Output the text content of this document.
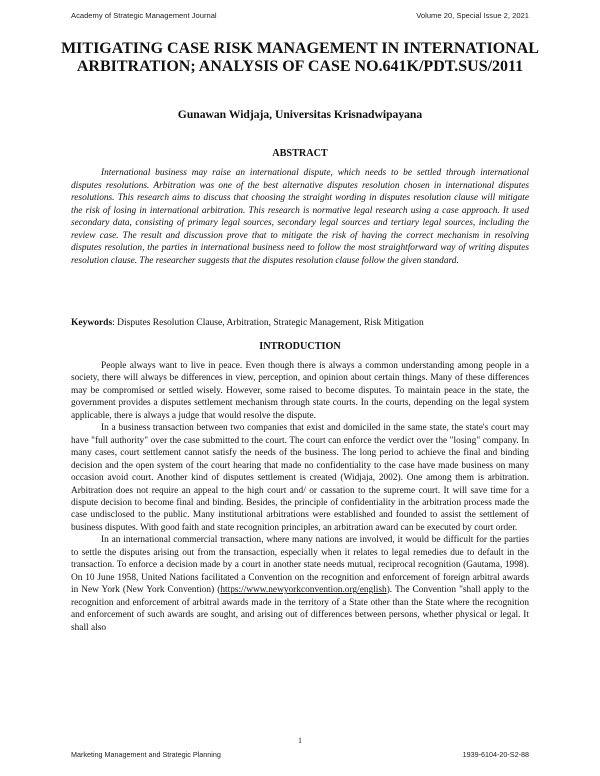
Academy of Strategic Management Journal	Volume 20, Special Issue 2, 2021
MITIGATING CASE RISK MANAGEMENT IN INTERNATIONAL ARBITRATION; ANALYSIS OF CASE NO.641K/PDT.SUS/2011
Gunawan Widjaja, Universitas Krisnadwipayana
ABSTRACT

International business may raise an international dispute, which needs to be settled through international disputes resolutions. Arbitration was one of the best alternative disputes resolution chosen in international disputes resolutions. This research aims to discuss that choosing the straight wording in disputes resolution clause will mitigate the risk of losing in international arbitration. This research is normative legal research using a case approach. It used secondary data, consisting of primary legal sources, secondary legal sources and tertiary legal sources, including the review case. The result and discussion prove that to mitigate the risk of having the correct mechanism in resolving disputes resolution, the parties in international business need to follow the most straightforward way of writing disputes resolution clause. The researcher suggests that the disputes resolution clause follow the given standard.

Keywords: Disputes Resolution Clause, Arbitration, Strategic Management, Risk Mitigation

INTRODUCTION

People always want to live in peace. Even though there is always a common understanding among people in a society, there will always be differences in view, perception, and opinion about certain things. Many of these differences may be compromised or settled wisely. However, some raised to become disputes. To maintain peace in the state, the government provides a disputes settlement mechanism through state courts. In the courts, depending on the legal system applicable, there is always a judge that would resolve the dispute.

In a business transaction between two companies that exist and domiciled in the same state, the state's court may have "full authority" over the case submitted to the court. The court can enforce the verdict over the "losing" company. In many cases, court settlement cannot satisfy the needs of the business. The long period to achieve the final and binding decision and the open system of the court hearing that made no confidentiality to the case have made business on many occasion avoid court. Another kind of disputes settlement is created (Widjaja, 2002). One among them is arbitration. Arbitration does not require an appeal to the high court and/ or cassation to the supreme court. It will save time for a dispute decision to become final and binding. Besides, the principle of confidentiality in the arbitration process made the case undisclosed to the public. Many institutional arbitrations were established and founded to assist the settlement of business disputes. With good faith and state recognition principles, an arbitration award can be executed by court order.

In an international commercial transaction, where many nations are involved, it would be difficult for the parties to settle the disputes arising out from the transaction, especially when it relates to legal remedies due to default in the transaction. To enforce a decision made by a court in another state needs mutual, reciprocal recognition (Gautama, 1998). On 10 June 1958, United Nations facilitated a Convention on the recognition and enforcement of foreign arbitral awards in New York (New York Convention) (https://www.newyorkconvention.org/english). The Convention "shall apply to the recognition and enforcement of arbitral awards made in the territory of a State other than the State where the recognition and enforcement of such awards are sought, and arising out of differences between persons, whether physical or legal. It shall also

1
Marketing Management and Strategic Planning	1939-6104-20-S2-88
